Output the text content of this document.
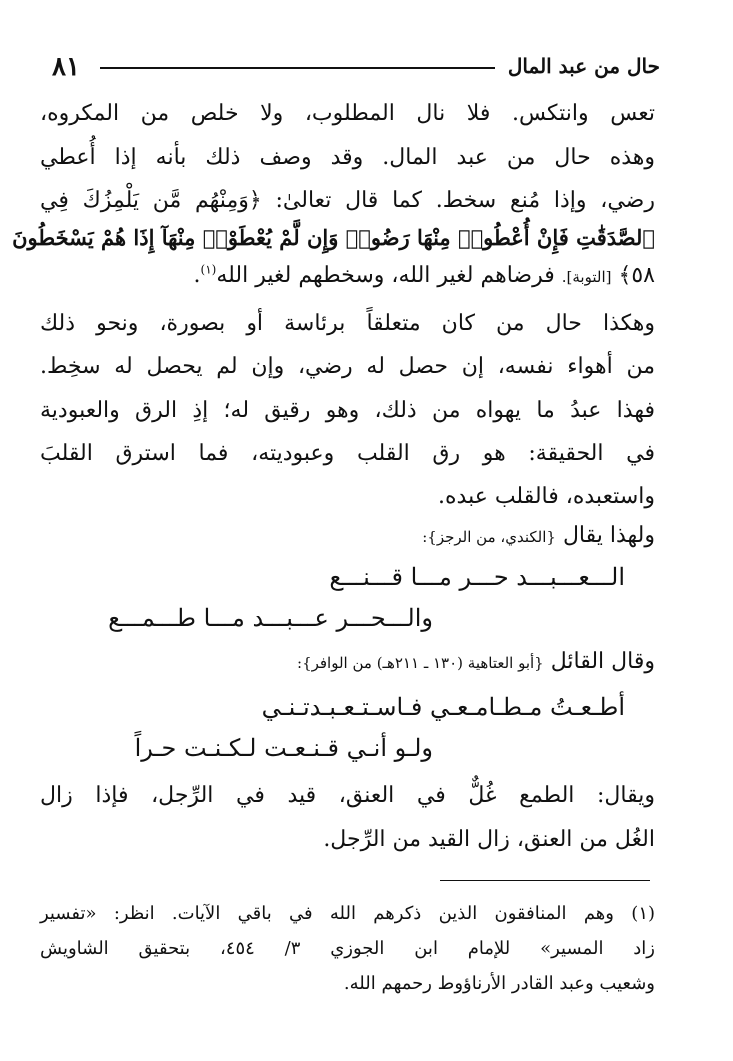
حال من عبد المال
٨١
تعس وانتكس. فلا نال المطلوب، ولا خلص من المكروه،
وهذه حال من عبد المال. وقد وصف ذلك بأنه إذا أُعطي
رضي، وإذا مُنع سخط. كما قال تعالىٰ: ﴿وَمِنْهُم مَّن يَلْمِزُكَ فِي
ٱلصَّدَقَٰتِ فَإِنْ أُعْطُوا۟ مِنْهَا رَضُوا۟ وَإِن لَّمْ يُعْطَوْا۟ مِنْهَآ إِذَا هُمْ يَسْخَطُونَ
٥٨﴾ [التوبة]. فرضاهم لغير الله، وسخطهم لغير الله$^{(١)}$.
وهكذا حال من كان متعلقاً برئاسة أو بصورة، ونحو ذلك
من أهواء نفسه، إن حصل له رضي، وإن لم يحصل له سخِط.
فهذا عبدُ ما يهواه من ذلك، وهو رقيق له؛ إذِ الرق والعبودية
في الحقيقة: هو رق القلب وعبوديته، فما استرق القلبَ
واستعبده، فالقلب عبده.
ولهذا يقال {الكندي، من الرجز}:
الـــعـــبـــد حـــر مـــا قـــنـــع
والـــحـــر عـــبـــد مـــا طـــمـــع
وقال القائل {أبو العتاهية (١٣٠ ـ ٢١١هـ) من الوافر}:
أطـعـتُ مـطـامـعـي فـاسـتـعـبـدتـنـي
ولـو أنـي قـنـعـت لـكـنـت حـراً
ويقال: الطمع غُلٌّ في العنق، قيد في الرِّجل، فإذا زال
الغُل من العنق، زال القيد من الرِّجل.
(١) وهم المنافقون الذين ذكرهم الله في باقي الآيات. انظر: «تفسير
زاد المسير» للإمام ابن الجوزي ٣/ ٤٥٤، بتحقيق الشاويش
وشعيب وعبد القادر الأرناؤوط رحمهم الله.
